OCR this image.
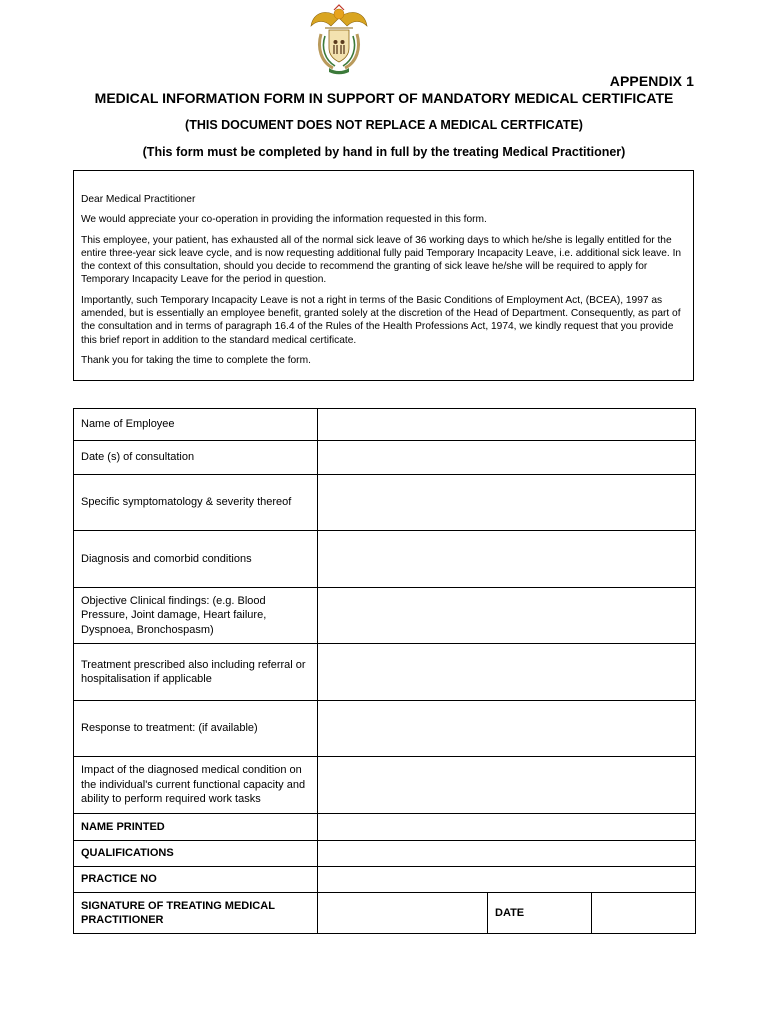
APPENDIX 1
MEDICAL INFORMATION FORM IN SUPPORT OF MANDATORY MEDICAL CERTIFICATE
(THIS DOCUMENT DOES NOT REPLACE A MEDICAL CERTFICATE)
(This form must be completed by hand in full by the treating Medical Practitioner)

Dear Medical Practitioner

We would appreciate your co-operation in providing the information requested in this form.

This employee, your patient, has exhausted all of the normal sick leave of 36 working days to which he/she is legally entitled for the entire three-year sick leave cycle, and is now requesting additional fully paid Temporary Incapacity Leave, i.e. additional sick leave. In the context of this consultation, should you decide to recommend the granting of sick leave he/she will be required to apply for Temporary Incapacity Leave for the period in question.

Importantly, such Temporary Incapacity Leave is not a right in terms of the Basic Conditions of Employment Act, (BCEA), 1997 as amended, but is essentially an employee benefit, granted solely at the discretion of the Head of Department. Consequently, as part of the consultation and in terms of paragraph 16.4 of the Rules of the Health Professions Act, 1974, we kindly request that you provide this brief report in addition to the standard medical certificate.

Thank you for taking the time to complete the form.

Name of Employee			
Date (s) of consultation			
Specific symptomatology & severity thereof			
Diagnosis and comorbid conditions			
Objective Clinical findings: (e.g. Blood Pressure, Joint damage, Heart failure, Dyspnoea, Bronchospasm)			
Treatment prescribed also including referral or hospitalisation if applicable			
Response to treatment: (if available)			
Impact of the diagnosed medical condition on the individual's current functional capacity and ability to perform required work tasks			
NAME PRINTED			
QUALIFICATIONS			
PRACTICE NO			
SIGNATURE OF TREATING MEDICAL PRACTITIONER		DATE	
